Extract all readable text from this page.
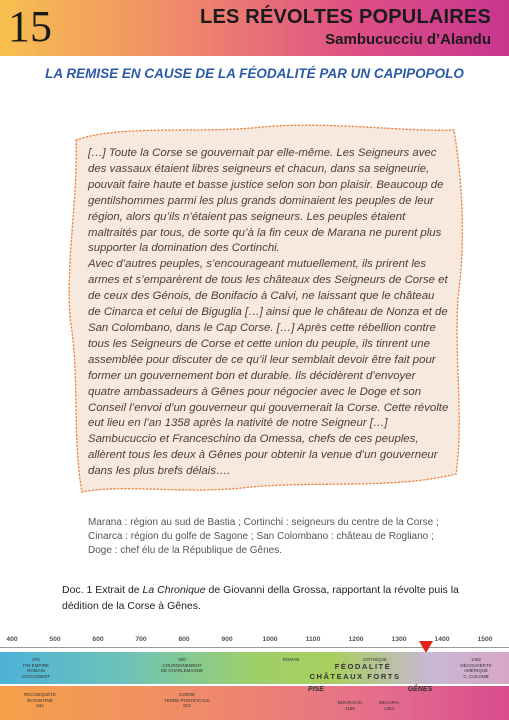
15	LES RÉVOLTES POPULAIRES
Sambucucciu d’Alandu
LA REMISE EN CAUSE DE LA FÉODALITÉ PAR UN CAPIPOPOLO

[…] Toute la Corse se gouvernait par elle-même. Les Seigneurs avec des vassaux étaient libres seigneurs et chacun, dans sa seigneurie, pouvait faire haute et basse justice selon son bon plaisir. Beaucoup de gentilshommes parmi les plus grands dominaient les peuples de leur région, alors qu’ils n’étaient pas seigneurs. Les peuples étaient maltraités par tous, de sorte qu’à la fin ceux de Marana ne purent plus supporter la domination des Cortinchi.

Avec d’autres peuples, s’encourageant mutuellement, ils prirent les armes et s’emparèrent de tous les châteaux des Seigneurs de Corse et de ceux des Génois, de Bonifacio à Calvi, ne laissant que le château de Cinarca et celui de Biguglia […] ainsi que le château de Nonza et de San Colombano, dans le Cap Corse. […] Après cette rébellion contre tous les Seigneurs de Corse et cette union du peuple, ils tinrent une assemblée pour discuter de ce qu’il leur semblait devoir être fait pour former un gouvernement bon et durable. Ils décidèrent d’envoyer quatre ambassadeurs à Gênes pour négocier avec le Doge et son Conseil l’envoi d’un gouverneur qui gouvernerait la Corse. Cette révolte eut lieu en l’an 1358 après la nativité de notre Seigneur […]

Sambucuccio et Franceschino da Omessa, chefs de ces peuples, allèrent tous les deux à Gênes pour obtenir la venue d’un gouverneur dans les plus brefs délais….

Marana : région au sud de Bastia ; Cortinchi : seigneurs du centre de la Corse ;
Cinarca : région du golfe de Sagone ; San Colombano : château de Rogliano ;
Doge : chef élu de la République de Gênes.
Doc. 1 Extrait de La Chronique de Giovanni della Grossa, rapportant la révolte puis la dédition de la Corse à Gênes.
400	500	600	700	800	900	1000	1100	1200	1300	1400	1500
476
FIN EMPIRE
ROMAIN
D'OCCIDENT
800
COURONNEMENT
DE CHARLEMAGNE
ROMAN	GOTHIQUE	1492
DÉCOUVERTE
AMÉRIQUE
C. COLOMB
FÉODALITÉ
CHÂTEAUX FORTS
RECONQUÊTE
BYZANTINE
534
CORSE
TERRE PONTIFICALE
813
PISE	GÊNES
BONIFACIO
1195
MELORIA
1284
